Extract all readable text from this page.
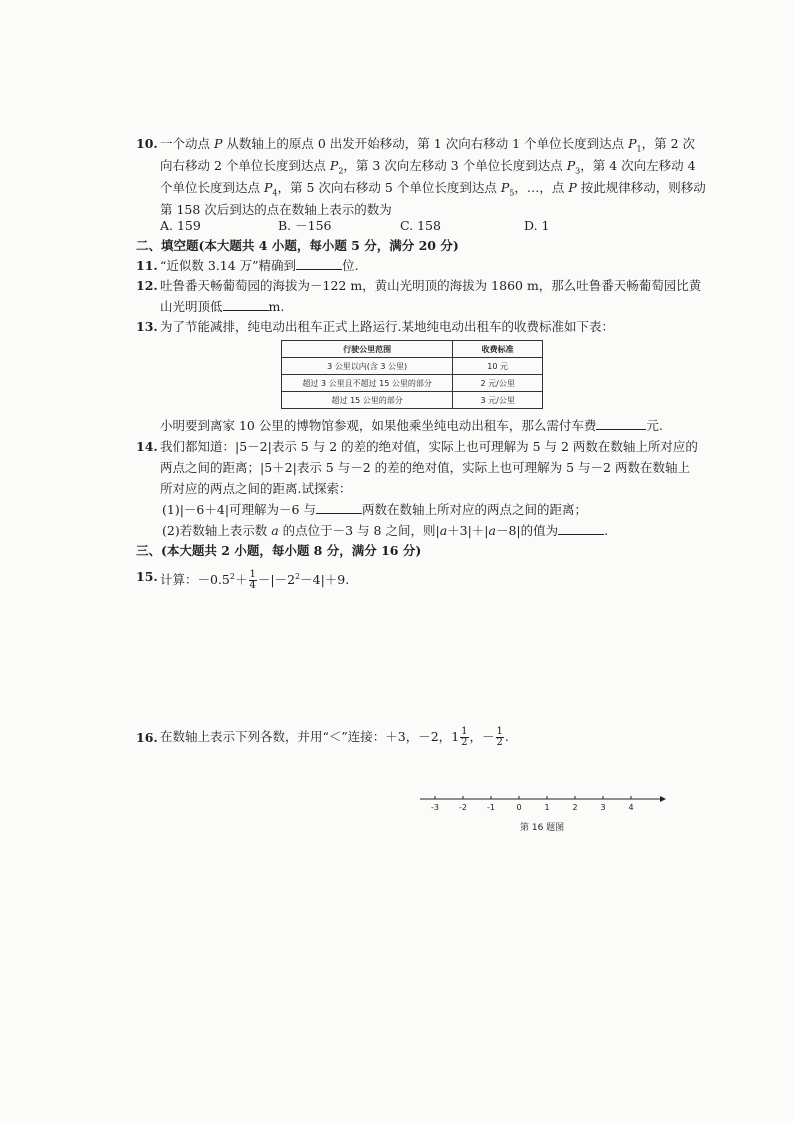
10. 一个动点 P 从数轴上的原点 0 出发开始移动，第 1 次向右移动 1 个单位长度到达点 $P_1$，第 2 次
向右移动 2 个单位长度到达点 $P_2$，第 3 次向左移动 3 个单位长度到达点 $P_3$，第 4 次向左移动 4
个单位长度到达点 $P_4$，第 5 次向右移动 5 个单位长度到达点 $P_5$，…，点 P 按此规律移动，则移动
第 158 次后到达的点在数轴上表示的数为
A. 159	B. －156	C. 158	D. 1
二、填空题(本大题共 4 小题，每小题 5 分，满分 20 分)
11. “近似数 3.14 万”精确到	位.
12. 吐鲁番天畅葡萄园的海拔为－122 m，黄山光明顶的海拔为 1860 m，那么吐鲁番天畅葡萄园比黄
山光明顶低	m.
13. 为了节能减排，纯电动出租车正式上路运行.某地纯电动出租车的收费标准如下表：
行驶公里范围	收费标准
3 公里以内(含 3 公里)	10 元
超过 3 公里且不超过 15 公里的部分	2 元/公里
超过 15 公里的部分	3 元/公里
小明要到离家 10 公里的博物馆参观，如果他乘坐纯电动出租车，那么需付车费	元.
14. 我们都知道：|5－2|表示 5 与 2 的差的绝对值，实际上也可理解为 5 与 2 两数在数轴上所对应的
两点之间的距离；|5＋2|表示 5 与－2 的差的绝对值，实际上也可理解为 5 与－2 两数在数轴上
所对应的两点之间的距离.试探索：
(1)|－6＋4|可理解为－6 与	两数在数轴上所对应的两点之间的距离；
(2)若数轴上表示数 a 的点位于－3 与 8 之间，则|a＋3|＋|a－8|的值为	.
三、(本大题共 2 小题，每小题 8 分，满分 16 分)
15. 计算：$-0.5^2+ \frac{1}{4} -|-2^2-4|+9$.
16. 在数轴上表示下列各数，并用“＜”连接：＋3，－2，$1 \frac{1}{2}$ ，－ $\frac{1}{2}$ .
-3	-2	-1	0	1	2	3	4
第 16 题图
